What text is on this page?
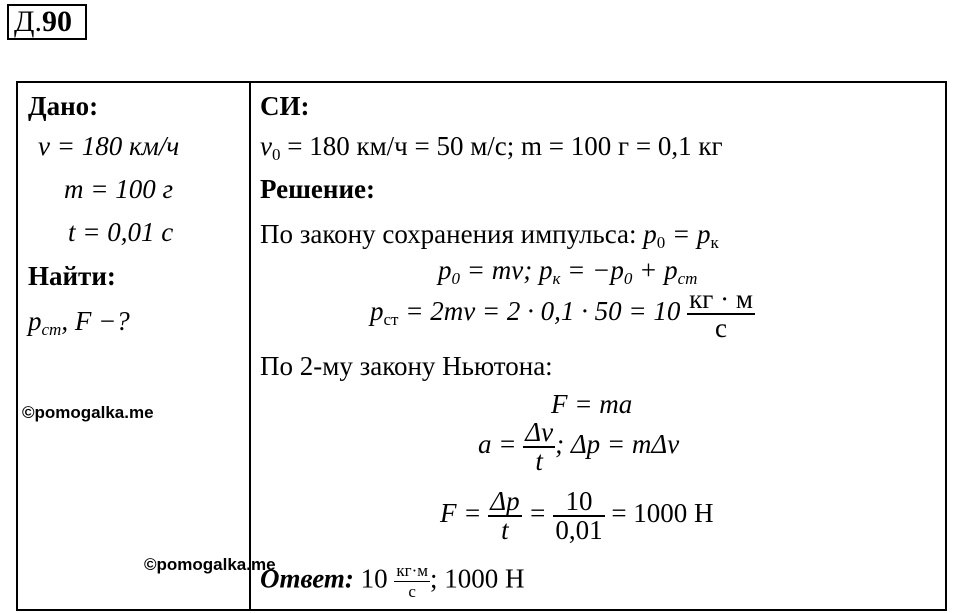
Д.90
Дано:
v = 180 км/ч
m = 100 г
t = 0,01 с
Найти:
$p_{ст}$, F −?
©pomogalka.me
СИ:
$v_0 = 180$ км/ч = 50 м/с; m = 100 г = 0,1 кг
Решение:
По закону сохранения импульса: $p_0 = p_к$
$p_0$ = mv; $p_к = -p_0 + p_{ст}$
$p_{ст} = 2mv = 2 \cdot 0,1 \cdot 50 = 10 \frac{кг \cdot м}{с}$
По 2-му закону Ньютона:
F = ma
$a = \frac{\Delta v}{t}$ ; Δp = mΔv
$F = \frac{\Delta p}{t} = \frac{10}{0,01} = 1000$ Н
©pomogalka.me
Ответ: $10 \frac{кг\cdot м}{с}$ ; 1000 Н
